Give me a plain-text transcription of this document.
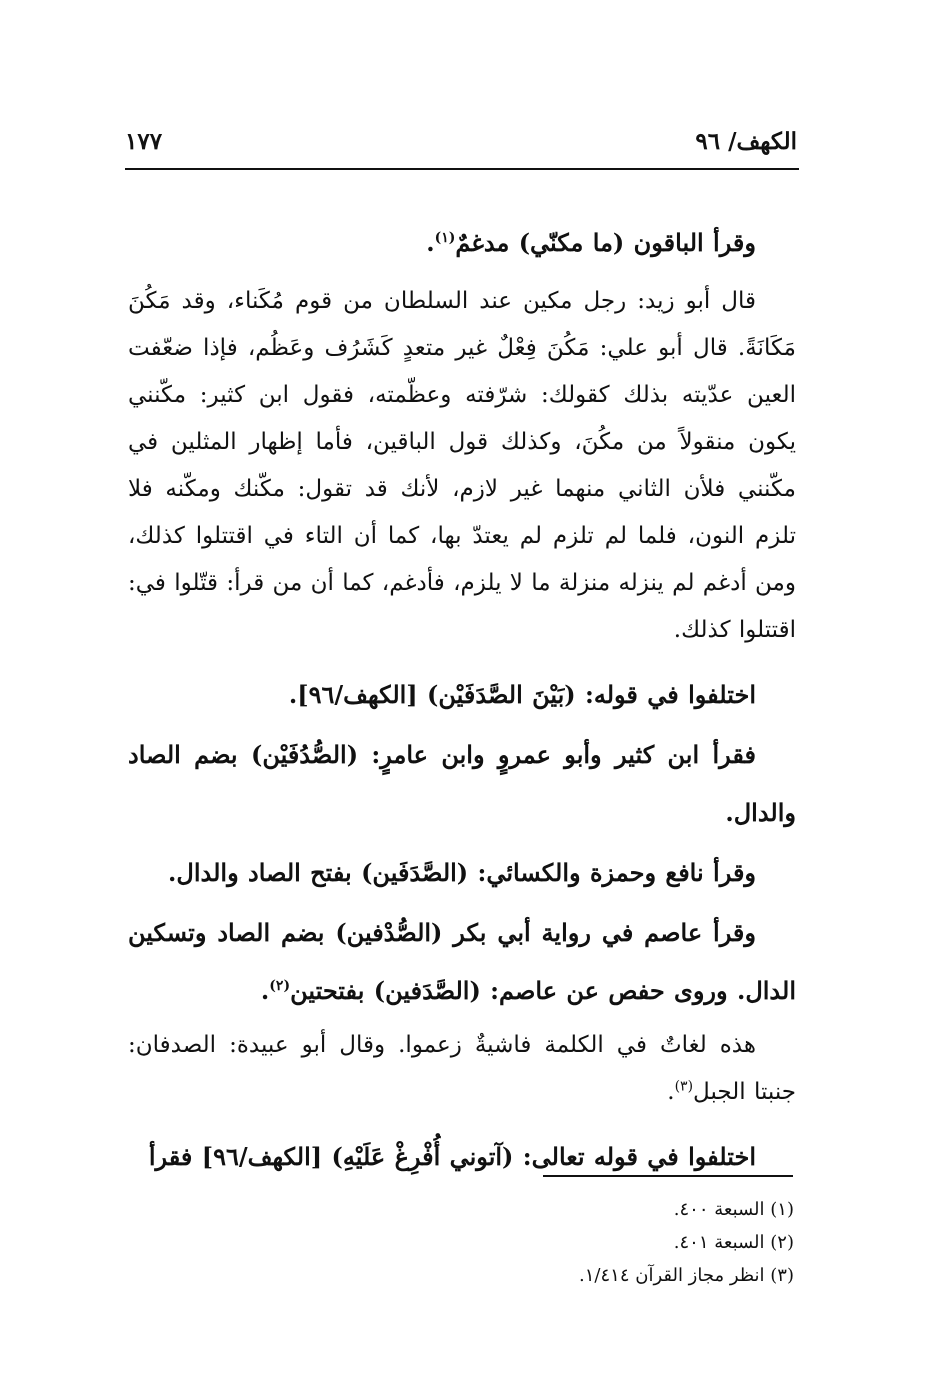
الكهف/ ٩٦
١٧٧

وقرأ الباقون (ما مكنّي) مدغمٌ$^{(١)}$.

قال أبو زيد: رجل مكين عند السلطان من قوم مُكَناء، وقد مَكُنَ مَكَانَةً. قال أبو علي: مَكُنَ فِعْلٌ غير متعدٍ كَشَرُف وعَظُم، فإذا ضعّفت العين عدّيته بذلك كقولك: شرّفته وعظّمته، فقول ابن كثير: مكّنني يكون منقولاً من مكُنَ، وكذلك قول الباقين، فأما إظهار المثلين في مكّنني فلأن الثاني منهما غير لازم، لأنك قد تقول: مكّنك ومكّنه فلا تلزم النون، فلما لم تلزم لم يعتدّ بها، كما أن التاء في اقتتلوا كذلك، ومن أدغم لم ينزله منزلة ما لا يلزم، فأدغم، كما أن من قرأ: قتّلوا في: اقتتلوا كذلك.

اختلفوا في قوله: (بَيْنَ الصَّدَفَيْن) [الكهف/٩٦].

فقرأ ابن كثير وأبو عمروٍ وابن عامرٍ: (الصُّدُفَيْن) بضم الصاد والدال.

وقرأ نافع وحمزة والكسائي: (الصَّدَفَين) بفتح الصاد والدال.

وقرأ عاصم في رواية أبي بكر (الصُّدْفين) بضم الصاد وتسكين الدال. وروى حفص عن عاصم: (الصَّدَفين) بفتحتين$^{(٢)}$.

هذه لغاتٌ في الكلمة فاشيةٌ زعموا. وقال أبو عبيدة: الصدفان: جنبتا الجبل$^{(٣)}$.

اختلفوا في قوله تعالى: (آتوني أُفْرِغْ عَلَيْهِ) [الكهف/٩٦] فقرأ

(١) السبعة ٤٠٠.

(٢) السبعة ٤٠١.

(٣) انظر مجاز القرآن ١/٤١٤.
